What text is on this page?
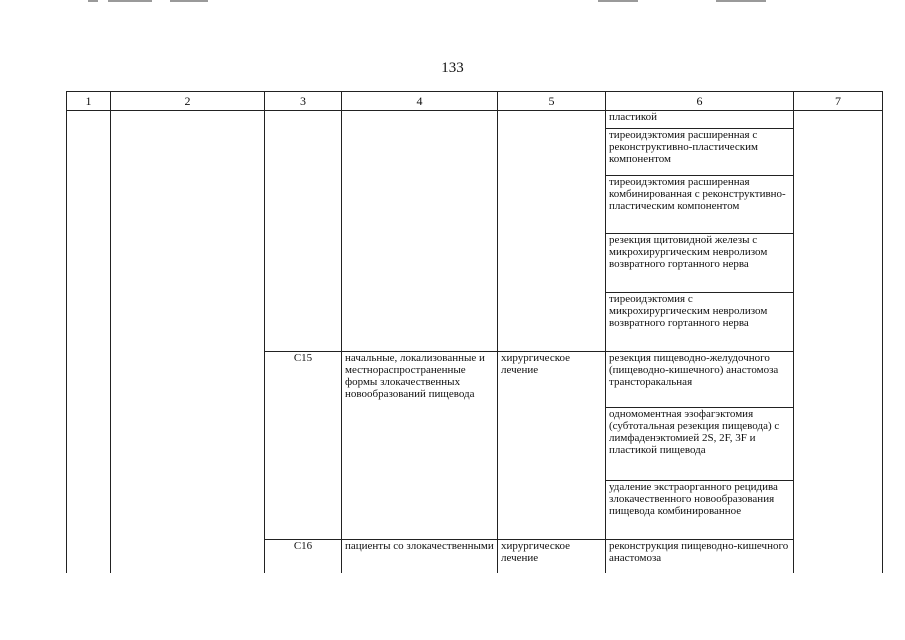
133
1	2	3	4	5	6	7
					пластикой	
					тиреоидэктомия расширенная с реконструктивно-пластическим компонентом	
					тиреоидэктомия расширенная комбинированная с реконструктивно-пластическим компонентом	
					резекция щитовидной железы с микрохирургическим невролизом возвратного гортанного нерва	
					тиреоидэктомия с микрохирургическим невролизом возвратного гортанного нерва	
		С15	начальные, локализованные и местнораспространенные формы злокачественных новообразований пищевода	хирургическое лечение	резекция пищеводно-желудочного (пищеводно-кишечного) анастомоза трансторакальная	
					одномоментная эзофагэктомия (субтотальная резекция пищевода) с лимфаденэктомией 2S, 2F, 3F и пластикой пищевода	
					удаление экстраорганного рецидива злокачественного новообразования пищевода комбинированное	
		С16	пациенты со злокачественными	хирургическое лечение	реконструкция пищеводно-кишечного анастомоза	
